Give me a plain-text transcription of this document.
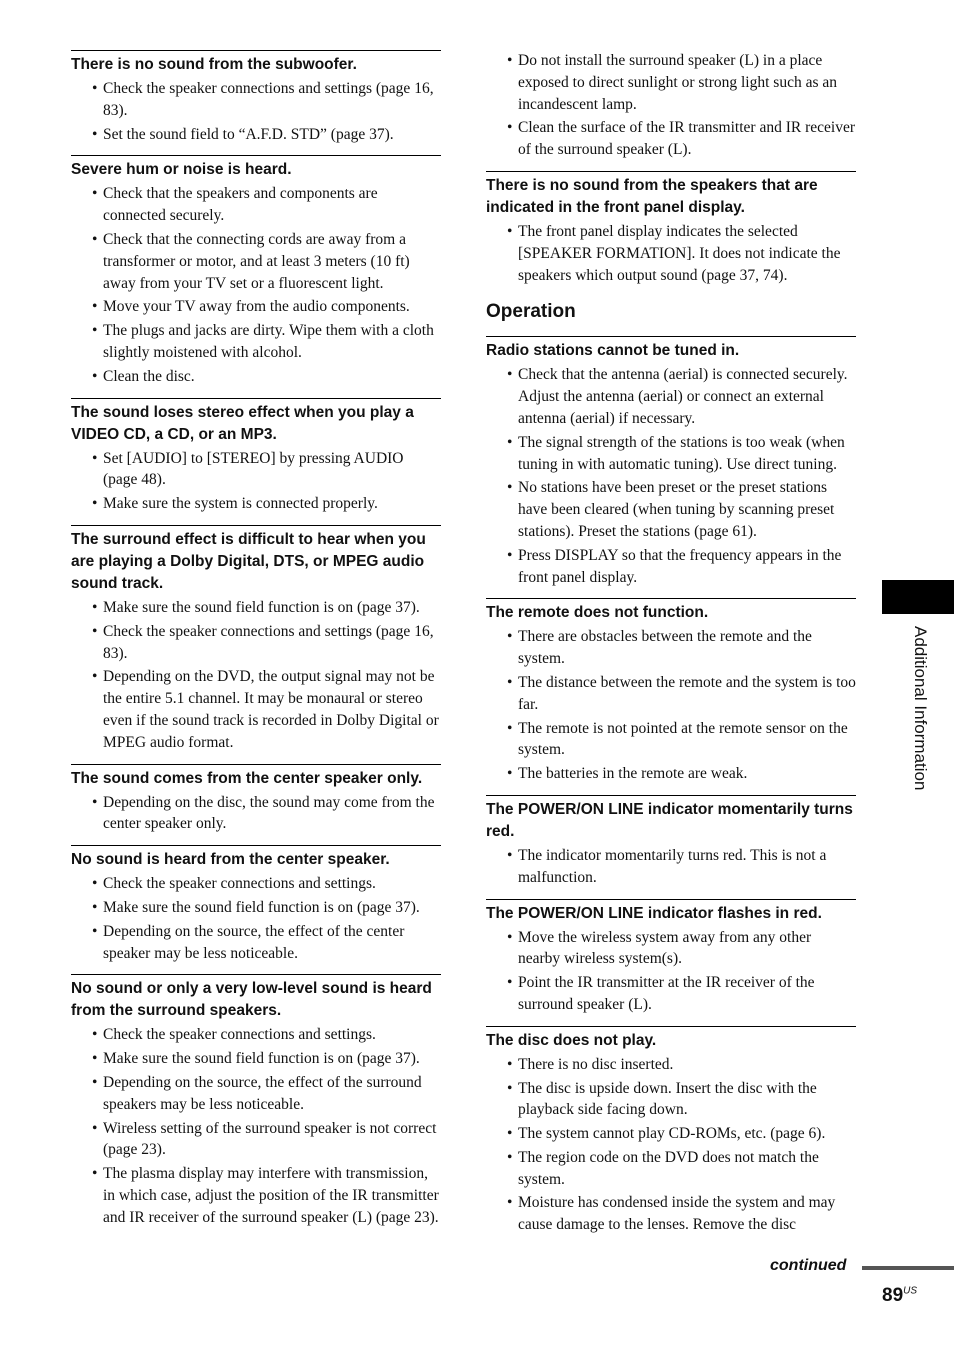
There is no sound from the subwoofer.
• Check the speaker connections and settings (page 16, 83).
• Set the sound field to “A.F.D. STD” (page 37).
Severe hum or noise is heard.
• Check that the speakers and components are connected securely.
• Check that the connecting cords are away from a transformer or motor, and at least 3 meters (10 ft) away from your TV set or a fluorescent light.
• Move your TV away from the audio components.
• The plugs and jacks are dirty. Wipe them with a cloth slightly moistened with alcohol.
• Clean the disc.
The sound loses stereo effect when you play a VIDEO CD, a CD, or an MP3.
• Set [AUDIO] to [STEREO] by pressing AUDIO (page 48).
• Make sure the system is connected properly.
The surround effect is difficult to hear when you are playing a Dolby Digital, DTS, or MPEG audio sound track.
• Make sure the sound field function is on (page 37).
• Check the speaker connections and settings (page 16, 83).
• Depending on the DVD, the output signal may not be the entire 5.1 channel. It may be monaural or stereo even if the sound track is recorded in Dolby Digital or MPEG audio format.
The sound comes from the center speaker only.
• Depending on the disc, the sound may come from the center speaker only.
No sound is heard from the center speaker.
• Check the speaker connections and settings.
• Make sure the sound field function is on (page 37).
• Depending on the source, the effect of the center speaker may be less noticeable.
No sound or only a very low-level sound is heard from the surround speakers.
• Check the speaker connections and settings.
• Make sure the sound field function is on (page 37).
• Depending on the source, the effect of the surround speakers may be less noticeable.
• Wireless setting of the surround speaker is not correct (page 23).
• The plasma display may interfere with transmission, in which case, adjust the position of the IR transmitter and IR receiver of the surround speaker (L) (page 23).
• Do not install the surround speaker (L) in a place exposed to direct sunlight or strong light such as an incandescent lamp.
• Clean the surface of the IR transmitter and IR receiver of the surround speaker (L).
There is no sound from the speakers that are indicated in the front panel display.
• The front panel display indicates the selected [SPEAKER FORMATION]. It does not indicate the speakers which output sound (page 37, 74).
Operation
Radio stations cannot be tuned in.
• Check that the antenna (aerial) is connected securely. Adjust the antenna (aerial) or connect an external antenna (aerial) if necessary.
• The signal strength of the stations is too weak (when tuning in with automatic tuning). Use direct tuning.
• No stations have been preset or the preset stations have been cleared (when tuning by scanning preset stations). Preset the stations (page 61).
• Press DISPLAY so that the frequency appears in the front panel display.
The remote does not function.
• There are obstacles between the remote and the system.
• The distance between the remote and the system is too far.
• The remote is not pointed at the remote sensor on the system.
• The batteries in the remote are weak.
The POWER/ON LINE indicator momentarily turns red.
• The indicator momentarily turns red. This is not a malfunction.
The POWER/ON LINE indicator flashes in red.
• Move the wireless system away from any other nearby wireless system(s).
• Point the IR transmitter at the IR receiver of the surround speaker (L).
The disc does not play.
• There is no disc inserted.
• The disc is upside down. Insert the disc with the playback side facing down.
• The system cannot play CD-ROMs, etc. (page 6).
• The region code on the DVD does not match the system.
• Moisture has condensed inside the system and may cause damage to the lenses. Remove the disc
Additional Information
continued
$89^{US}$
